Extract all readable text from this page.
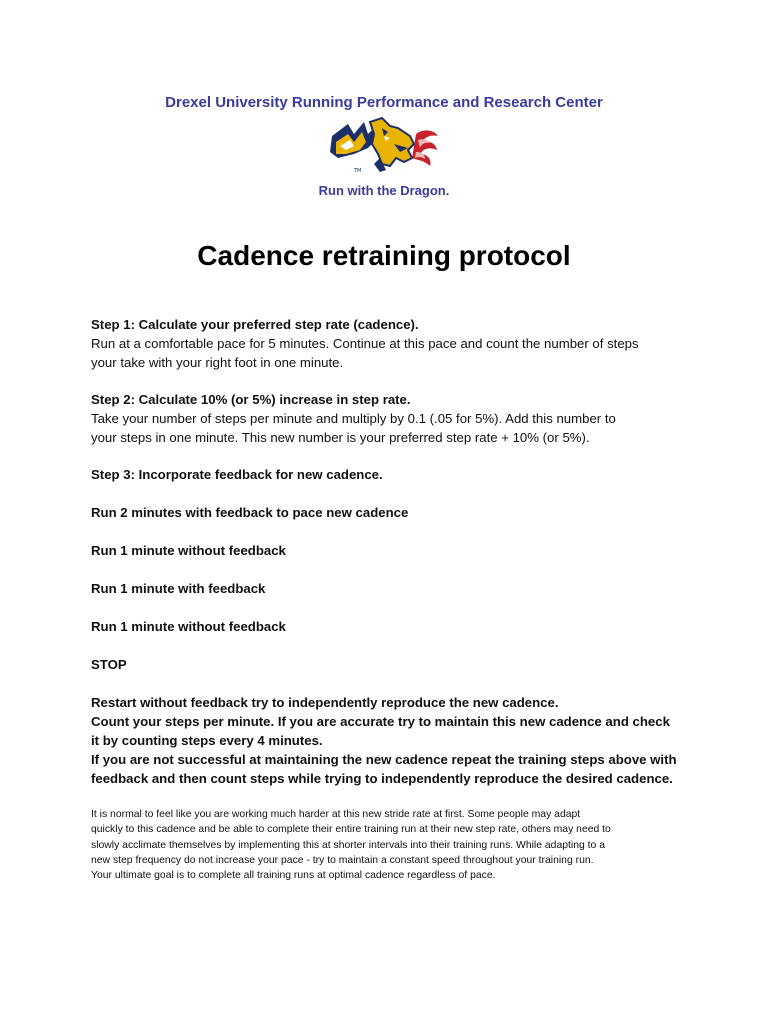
Drexel University Running Performance and Research Center
TM
Run with the Dragon.
Cadence retraining protocol

Step 1: Calculate your preferred step rate (cadence).

Run at a comfortable pace for 5 minutes. Continue at this pace and count the number of steps

your take with your right foot in one minute.

Step 2: Calculate 10% (or 5%) increase in step rate.

Take your number of steps per minute and multiply by 0.1 (.05 for 5%). Add this number to

your steps in one minute. This new number is your preferred step rate + 10% (or 5%).

Step 3: Incorporate feedback for new cadence.

Run 2 minutes with feedback to pace new cadence

Run 1 minute without feedback

Run 1 minute with feedback

Run 1 minute without feedback

STOP

Restart without feedback try to independently reproduce the new cadence.

Count your steps per minute. If you are accurate try to maintain this new cadence and check

it by counting steps every 4 minutes.

If you are not successful at maintaining the new cadence repeat the training steps above with

feedback and then count steps while trying to independently reproduce the desired cadence.

It is normal to feel like you are working much harder at this new stride rate at first. Some people may adapt

quickly to this cadence and be able to complete their entire training run at their new step rate, others may need to

slowly acclimate themselves by implementing this at shorter intervals into their training runs. While adapting to a

new step frequency do not increase your pace - try to maintain a constant speed throughout your training run.

Your ultimate goal is to complete all training runs at optimal cadence regardless of pace.
